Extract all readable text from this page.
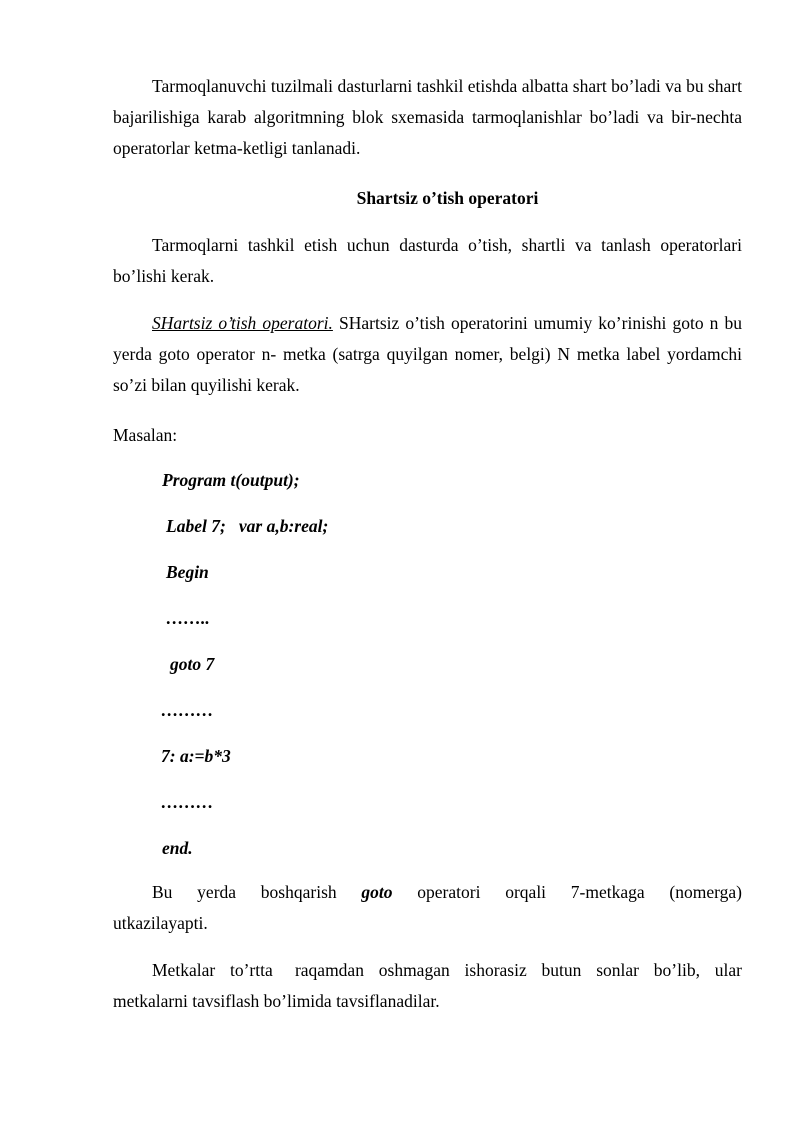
Tarmoqlanuvchi tuzilmali dasturlarni tashkil etishda albatta shart bo’ladi va bu shart bajarilishiga karab algoritmning blok sxemasida tarmoqlanishlar bo’ladi va bir-nechta operatorlar ketma-ketligi tanlanadi.

Shartsiz o’tish operatori

Tarmoqlarni tashkil etish uchun dasturda o’tish, shartli va tanlash operatorlari bo’lishi kerak.

SHartsiz o’tish operatori. SHartsiz o’tish operatorini umumiy ko’rinishi goto n bu yerda goto operator n- metka (satrga quyilgan nomer, belgi) N metka label yordamchi so’zi bilan quyilishi kerak.

Masalan:

Program t(output);

Label 7;   var a,b:real;

Begin

……..

goto 7

………

7: a:=b*3

………

end.

Bu    yerda    boshqarish    goto    operatori    orqali    7-metkaga    (nomerga) utkazilayapti.

Metkalar  to’rtta   raqamdan  oshmagan  ishorasiz  butun  sonlar  bo’lib,  ular metkalarni tavsiflash bo’limida tavsiflanadilar.
